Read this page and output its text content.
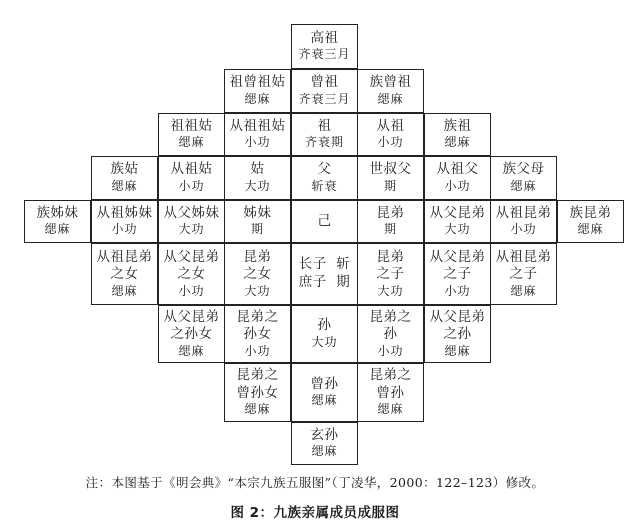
高祖
齐衰三月
祖曾祖姑
缌麻
曾祖
齐衰三月
族曾祖
缌麻
祖祖姑
缌麻
从祖祖姑
小功
祖
齐衰期
从祖
小功
族祖
缌麻
族姑
缌麻
从祖姑
小功
姑
大功
父
斩衰
世叔父
期
从祖父
小功
族父母
缌麻
族姊妹
缌麻
从祖姊妹
小功
从父姊妹
大功
姊妹
期
己	昆弟
期
从父昆弟
大功
从祖昆弟
小功
族昆弟
缌麻
从祖昆弟
之女
缌麻
从父昆弟
之女
小功
昆弟
之女
大功
长子  斩
庶子  期
昆弟
之子
大功
从父昆弟
之子
小功
从祖昆弟
之子
缌麻
从父昆弟
之孙女
缌麻
昆弟之
孙女
小功
孙
大功
昆弟之
孙
小功
从父昆弟
之孙
缌麻
昆弟之
曾孙女
缌麻
曾孙
缌麻
昆弟之
曾孙
缌麻
玄孙
缌麻
注：本图基于《明会典》“本宗九族五服图”（丁凌华，2000：122–123）修改。
图 2：九族亲属成员成服图
